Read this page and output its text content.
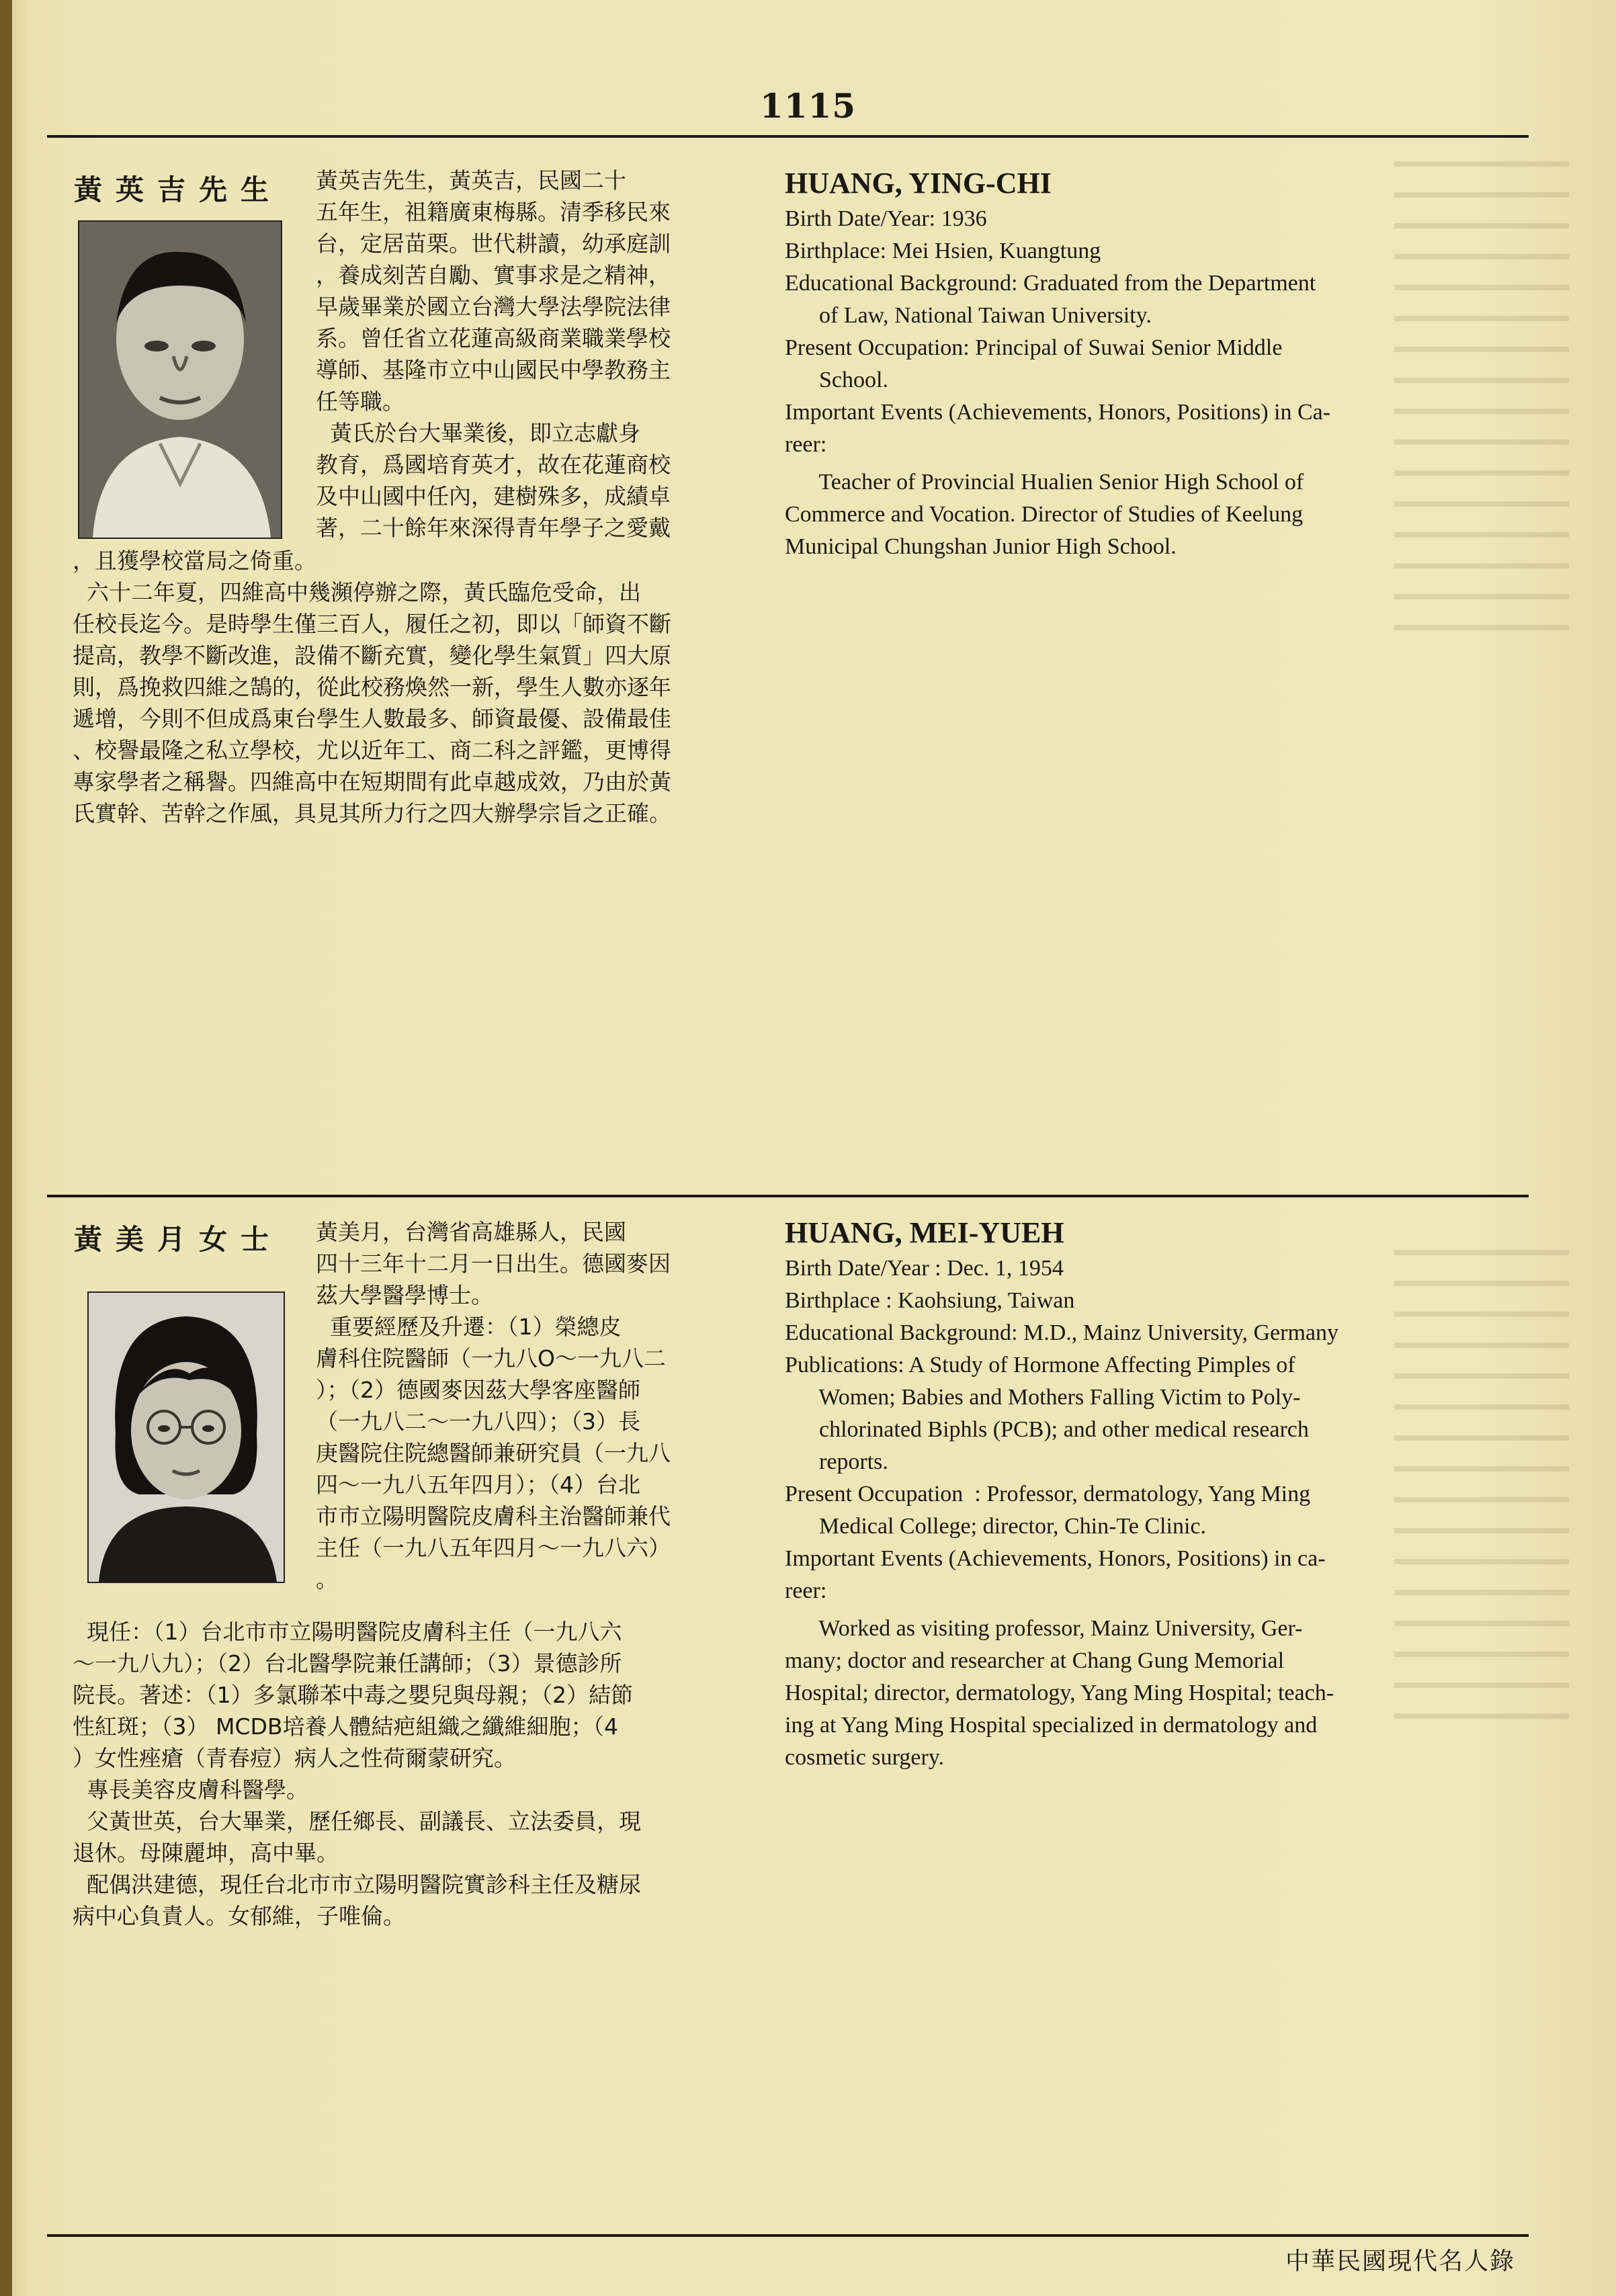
1115
黃英吉先生 黃英吉先生，黃英吉，民國二十
五年生，祖籍廣東梅縣。清季移民來
台，定居苗栗。世代耕讀，幼承庭訓
，養成刻苦自勵、實事求是之精神，
早歲畢業於國立台灣大學法學院法律
系。曾任省立花蓮高級商業職業學校
導師、基隆市立中山國民中學教務主
任等職。
黃氏於台大畢業後，即立志獻身
教育，爲國培育英才，故在花蓮商校
及中山國中任內，建樹殊多，成績卓
著，二十餘年來深得青年學子之愛戴
，且獲學校當局之倚重。
六十二年夏，四維高中幾瀕停辦之際，黃氏臨危受命，出
任校長迄今。是時學生僅三百人，履任之初，即以「師資不斷
提高，教學不斷改進，設備不斷充實，變化學生氣質」四大原
則，爲挽救四維之鵠的，從此校務煥然一新，學生人數亦逐年
遞增，今則不但成爲東台學生人數最多、師資最優、設備最佳
、校譽最隆之私立學校，尤以近年工、商二科之評鑑，更博得
專家學者之稱譽。四維高中在短期間有此卓越成效，乃由於黃
氏實幹、苦幹之作風，具見其所力行之四大辦學宗旨之正確。
HUANG, YING-CHI
Birth Date/Year: 1936
Birthplace: Mei Hsien, Kuangtung
Educational Background: Graduated from the Department
of Law, National Taiwan University.
Present Occupation: Principal of Suwai Senior Middle
School.
Important Events (Achievements, Honors, Positions) in Ca-
reer:
Teacher of Provincial Hualien Senior High School of
Commerce and Vocation. Director of Studies of Keelung
Municipal Chungshan Junior High School.
黃美月女士 黃美月，台灣省高雄縣人，民國
四十三年十二月一日出生。德國麥因
茲大學醫學博士。
重要經歷及升遷：（1）榮總皮
膚科住院醫師（一九八O～一九八二
）；（2）德國麥因茲大學客座醫師
（一九八二～一九八四）；（3）長
庚醫院住院總醫師兼研究員（一九八
四～一九八五年四月）；（4）台北
市市立陽明醫院皮膚科主治醫師兼代
主任（一九八五年四月～一九八六）
。
現任：（1）台北市市立陽明醫院皮膚科主任（一九八六
～一九八九）；（2）台北醫學院兼任講師；（3）景德診所
院長。著述：（1）多氯聯苯中毒之嬰兒與母親；（2）結節
性紅斑；（3） MCDB培養人體結疤組織之纖維細胞；（4
）女性痤瘡（青春痘）病人之性荷爾蒙研究。
專長美容皮膚科醫學。
父黃世英，台大畢業，歷任鄉長、副議長、立法委員，現
退休。母陳麗坤，高中畢。
配偶洪建德，現任台北市市立陽明醫院實診科主任及糖尿
病中心負責人。女郁維，子唯倫。
HUANG, MEI-YUEH
Birth Date/Year : Dec. 1, 1954
Birthplace : Kaohsiung, Taiwan
Educational Background: M.D., Mainz University, Germany
Publications: A Study of Hormone Affecting Pimples of
Women; Babies and Mothers Falling Victim to Poly-
chlorinated Biphls (PCB); and other medical research
reports.
Present Occupation  : Professor, dermatology, Yang Ming
Medical College; director, Chin-Te Clinic.
Important Events (Achievements, Honors, Positions) in ca-
reer:
Worked as visiting professor, Mainz University, Ger-
many; doctor and researcher at Chang Gung Memorial
Hospital; director, dermatology, Yang Ming Hospital; teach-
ing at Yang Ming Hospital specialized in dermatology and
cosmetic surgery.
中華民國現代名人錄
